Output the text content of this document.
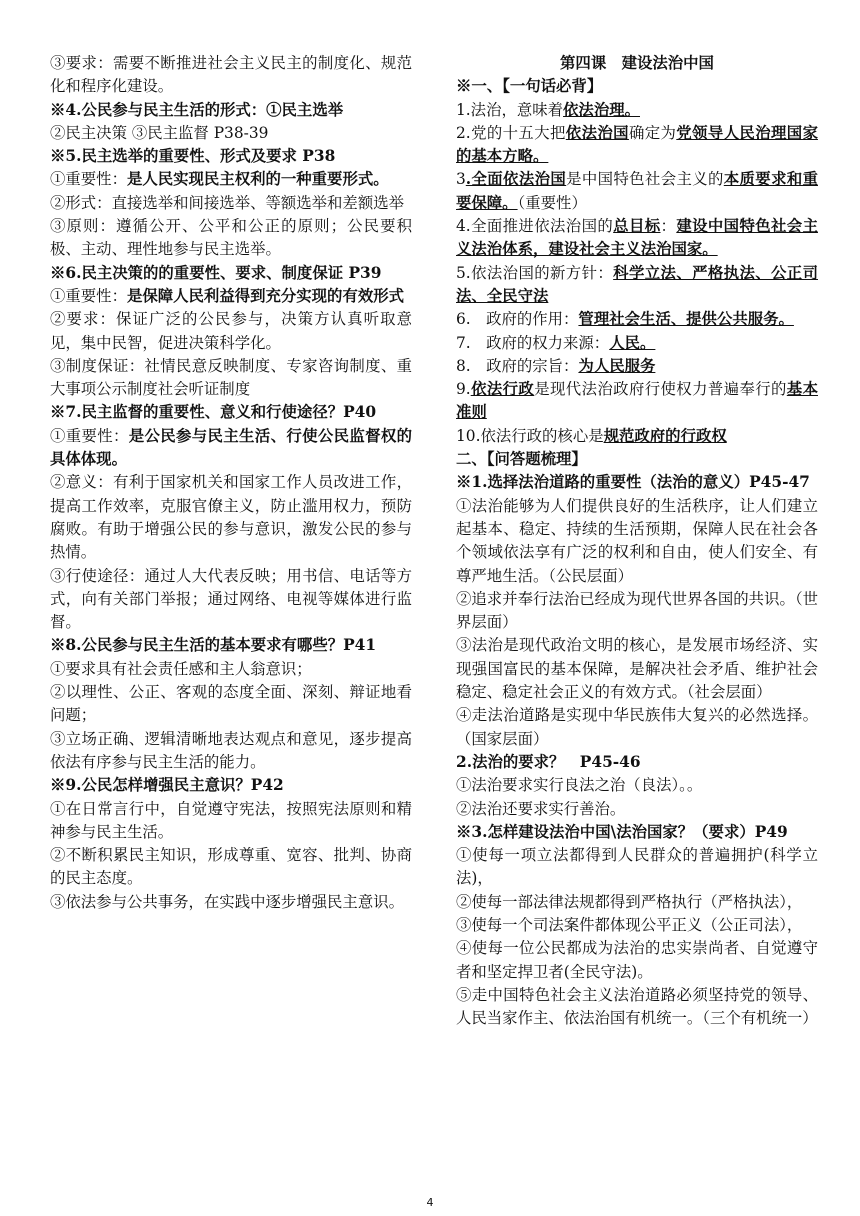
③要求：需要不断推进社会主义民主的制度化、规范化和程序化建设。

※4.公民参与民主生活的形式：①民主选举

②民主决策 ③民主监督 P38-39

※5.民主选举的重要性、形式及要求 P38

①重要性：是人民实现民主权利的一种重要形式。

②形式：直接选举和间接选举、等额选举和差额选举

③原则：遵循公开、公平和公正的原则；公民要积极、主动、理性地参与民主选举。

※6.民主决策的的重要性、要求、制度保证 P39

①重要性：是保障人民利益得到充分实现的有效形式

②要求：保证广泛的公民参与，决策方认真听取意见，集中民智，促进决策科学化。

③制度保证：社情民意反映制度、专家咨询制度、重大事项公示制度社会听证制度

※7.民主监督的重要性、意义和行使途径？P40

①重要性：是公民参与民主生活、行使公民监督权的具体体现。

②意义：有利于国家机关和国家工作人员改进工作，提高工作效率，克服官僚主义，防止滥用权力，预防腐败。有助于增强公民的参与意识，激发公民的参与热情。

③行使途径：通过人大代表反映；用书信、电话等方式，向有关部门举报；通过网络、电视等媒体进行监督。

※8.公民参与民主生活的基本要求有哪些？P41

①要求具有社会责任感和主人翁意识；

②以理性、公正、客观的态度全面、深刻、辩证地看问题；

③立场正确、逻辑清晰地表达观点和意见，逐步提高依法有序参与民主生活的能力。

※9.公民怎样增强民主意识？P42

①在日常言行中，自觉遵守宪法，按照宪法原则和精神参与民主生活。

②不断积累民主知识，形成尊重、宽容、批判、协商的民主态度。

③依法参与公共事务，在实践中逐步增强民主意识。

第四课　建设法治中国

※一、【一句话必背】

1.法治，意味着依法治理。

2.党的十五大把依法治国确定为党领导人民治理国家的基本方略。

3.全面依法治国是中国特色社会主义的本质要求和重要保障。（重要性）

4.全面推进依法治国的总目标：建设中国特色社会主义法治体系，建设社会主义法治国家。

5.依法治国的新方针：科学立法、严格执法、公正司法、全民守法

6.　政府的作用：管理社会生活、提供公共服务。

7.　政府的权力来源：人民。

8.　政府的宗旨：为人民服务

9.依法行政是现代法治政府行使权力普遍奉行的基本准则

10.依法行政的核心是规范政府的行政权

二、【问答题梳理】

※1.选择法治道路的重要性（法治的意义）P45-47

①法治能够为人们提供良好的生活秩序，让人们建立起基本、稳定、持续的生活预期，保障人民在社会各个领域依法享有广泛的权利和自由，使人们安全、有尊严地生活。（公民层面）

②追求并奉行法治已经成为现代世界各国的共识。（世界层面）

③法治是现代政治文明的核心，是发展市场经济、实现强国富民的基本保障，是解决社会矛盾、维护社会稳定、稳定社会正义的有效方式。（社会层面）

④走法治道路是实现中华民族伟大复兴的必然选择。（国家层面）

2.法治的要求？　P45-46

①法治要求实行良法之治（良法）。。

②法治还要求实行善治。

※3.怎样建设法治中国\法治国家？（要求）P49

①使每一项立法都得到人民群众的普遍拥护(科学立法)，

②使每一部法律法规都得到严格执行（严格执法），

③使每一个司法案件都体现公平正义（公正司法），

④使每一位公民都成为法治的忠实崇尚者、自觉遵守者和坚定捍卫者(全民守法)。

⑤走中国特色社会主义法治道路必须坚持党的领导、人民当家作主、依法治国有机统一。（三个有机统一）

4
